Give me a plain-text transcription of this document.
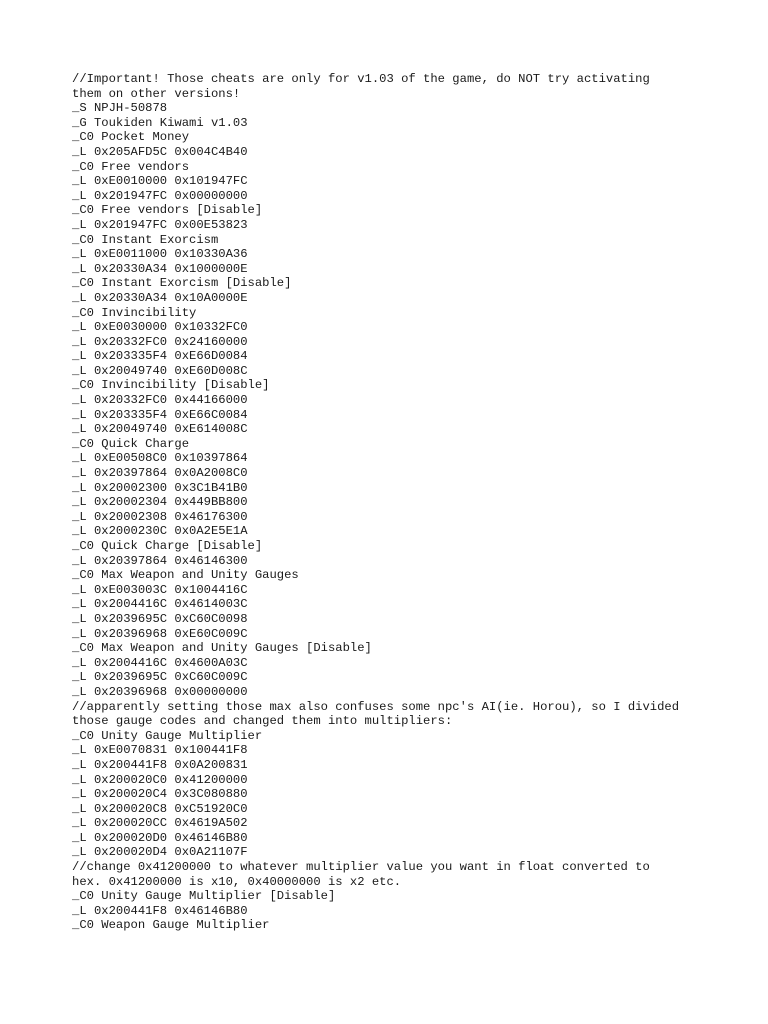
//Important! Those cheats are only for v1.03 of the game, do NOT try activating
them on other versions!
_S NPJH-50878
_G Toukiden Kiwami v1.03
_C0 Pocket Money
_L 0x205AFD5C 0x004C4B40
_C0 Free vendors
_L 0xE0010000 0x101947FC
_L 0x201947FC 0x00000000
_C0 Free vendors [Disable]
_L 0x201947FC 0x00E53823
_C0 Instant Exorcism
_L 0xE0011000 0x10330A36
_L 0x20330A34 0x1000000E
_C0 Instant Exorcism [Disable]
_L 0x20330A34 0x10A0000E
_C0 Invincibility
_L 0xE0030000 0x10332FC0
_L 0x20332FC0 0x24160000
_L 0x203335F4 0xE66D0084
_L 0x20049740 0xE60D008C
_C0 Invincibility [Disable]
_L 0x20332FC0 0x44166000
_L 0x203335F4 0xE66C0084
_L 0x20049740 0xE614008C
_C0 Quick Charge
_L 0xE00508C0 0x10397864
_L 0x20397864 0x0A2008C0
_L 0x20002300 0x3C1B41B0
_L 0x20002304 0x449BB800
_L 0x20002308 0x46176300
_L 0x2000230C 0x0A2E5E1A
_C0 Quick Charge [Disable]
_L 0x20397864 0x46146300
_C0 Max Weapon and Unity Gauges
_L 0xE003003C 0x1004416C
_L 0x2004416C 0x4614003C
_L 0x2039695C 0xC60C0098
_L 0x20396968 0xE60C009C
_C0 Max Weapon and Unity Gauges [Disable]
_L 0x2004416C 0x4600A03C
_L 0x2039695C 0xC60C009C
_L 0x20396968 0x00000000
//apparently setting those max also confuses some npc's AI(ie. Horou), so I divided
those gauge codes and changed them into multipliers:
_C0 Unity Gauge Multiplier
_L 0xE0070831 0x100441F8
_L 0x200441F8 0x0A200831
_L 0x200020C0 0x41200000
_L 0x200020C4 0x3C080880
_L 0x200020C8 0xC51920C0
_L 0x200020CC 0x4619A502
_L 0x200020D0 0x46146B80
_L 0x200020D4 0x0A21107F
//change 0x41200000 to whatever multiplier value you want in float converted to
hex. 0x41200000 is x10, 0x40000000 is x2 etc.
_C0 Unity Gauge Multiplier [Disable]
_L 0x200441F8 0x46146B80
_C0 Weapon Gauge Multiplier
